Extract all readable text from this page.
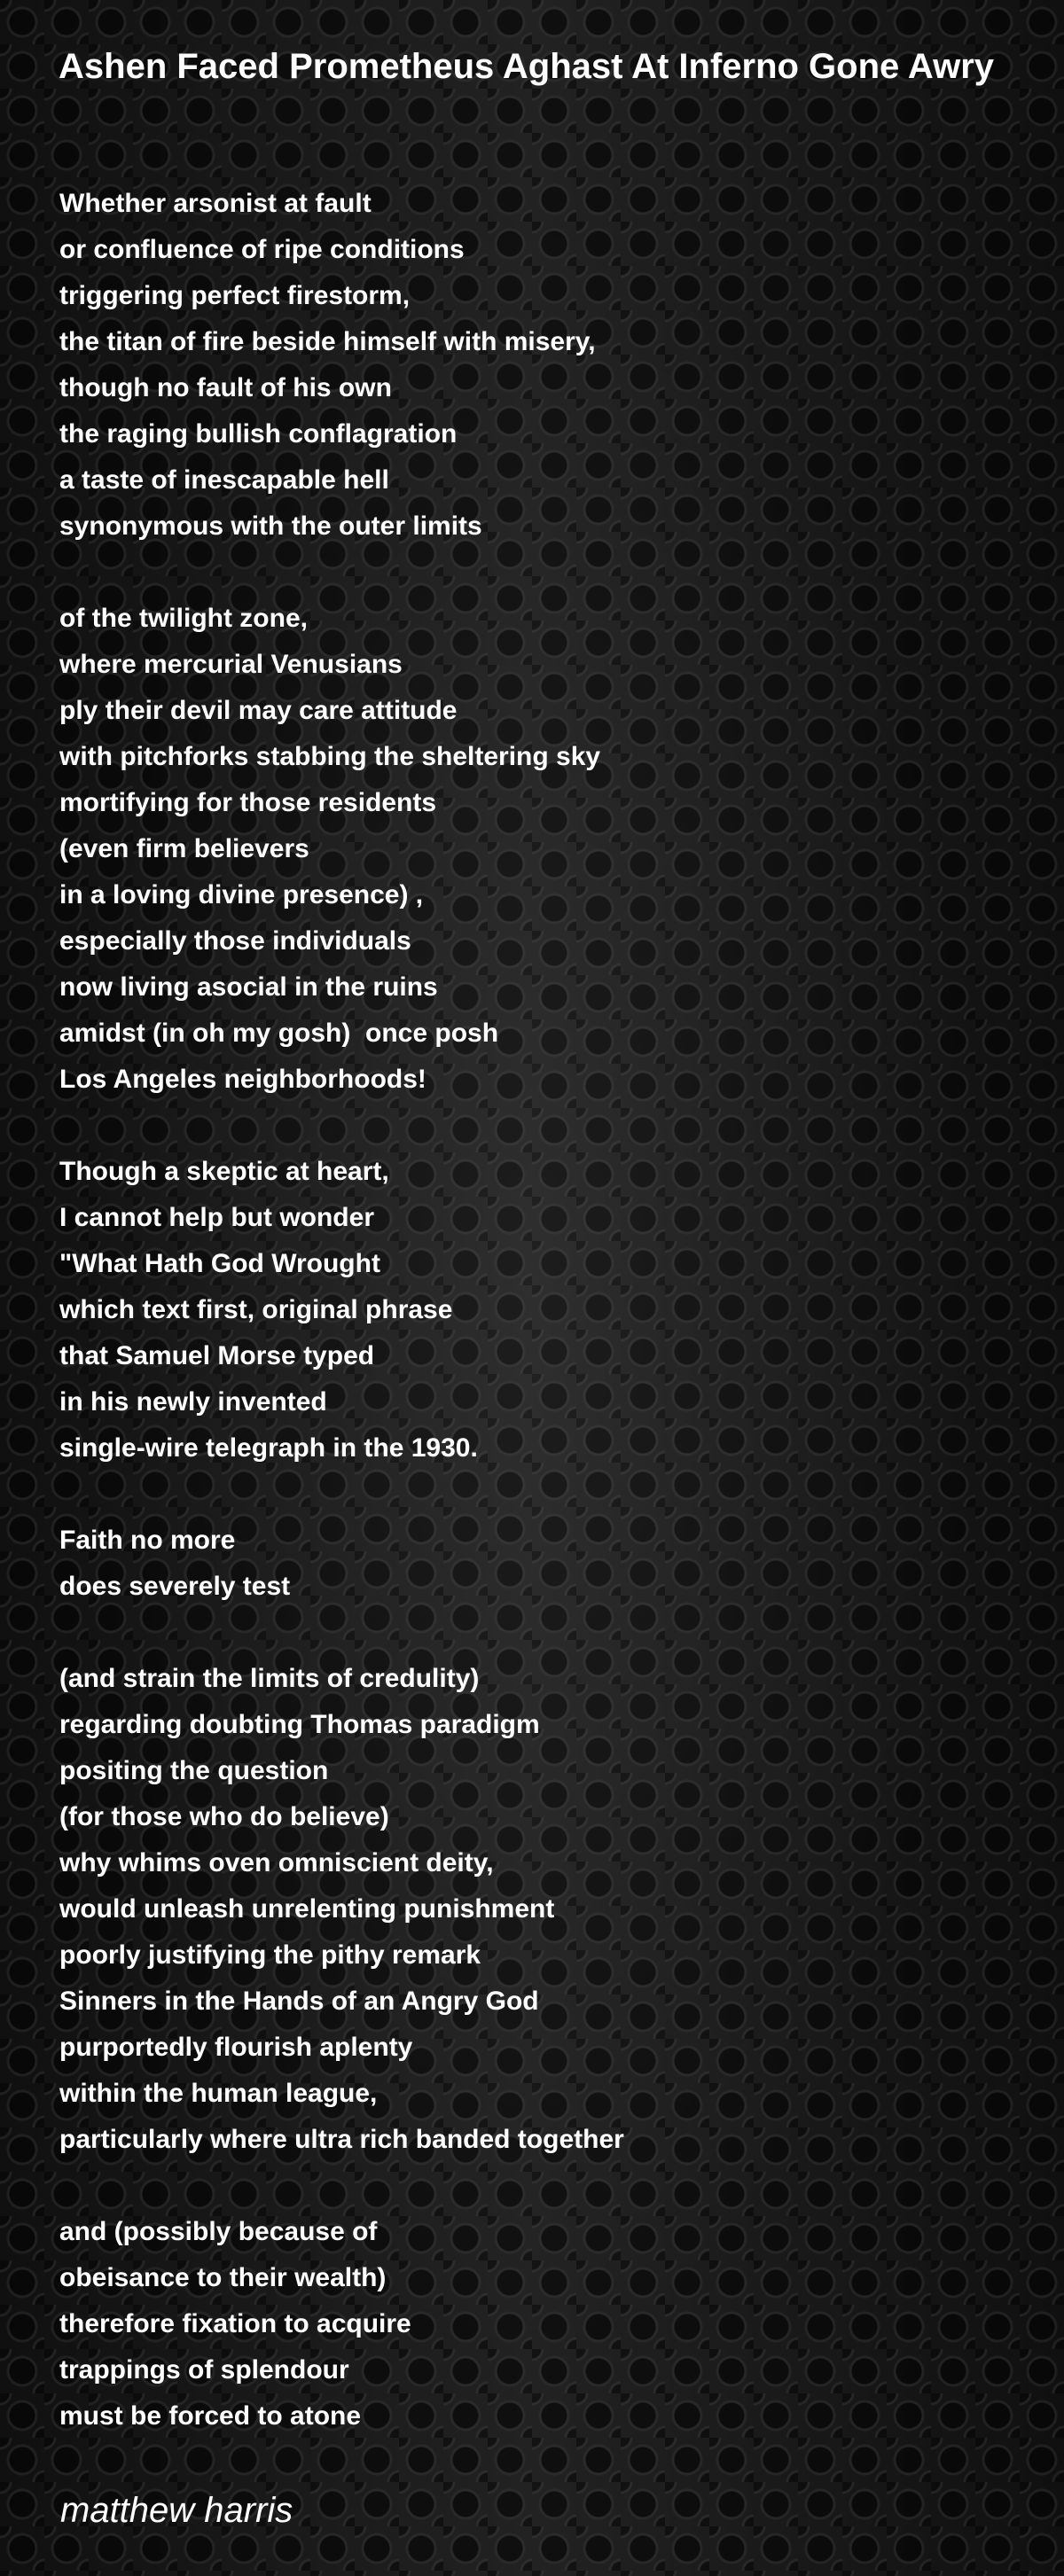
Ashen Faced Prometheus Aghast At Inferno Gone Awry
Whether arsonist at fault
or confluence of ripe conditions
triggering perfect firestorm,
the titan of fire beside himself with misery,
though no fault of his own
the raging bullish conflagration
a taste of inescapable hell
synonymous with the outer limits
of the twilight zone,
where mercurial Venusians
ply their devil may care attitude
with pitchforks stabbing the sheltering sky
mortifying for those residents
(even firm believers
in a loving divine presence) ,
especially those individuals
now living asocial in the ruins
amidst (in oh my gosh)  once posh
Los Angeles neighborhoods!
Though a skeptic at heart,
I cannot help but wonder
"What Hath God Wrought
which text first, original phrase
that Samuel Morse typed
in his newly invented
single-wire telegraph in the 1930.
Faith no more
does severely test
(and strain the limits of credulity)
regarding doubting Thomas paradigm
positing the question
(for those who do believe)
why whims oven omniscient deity,
would unleash unrelenting punishment
poorly justifying the pithy remark
Sinners in the Hands of an Angry God
purportedly flourish aplenty
within the human league,
particularly where ultra rich banded together
and (possibly because of
obeisance to their wealth)
therefore fixation to acquire
trappings of splendour
must be forced to atone
matthew harris
